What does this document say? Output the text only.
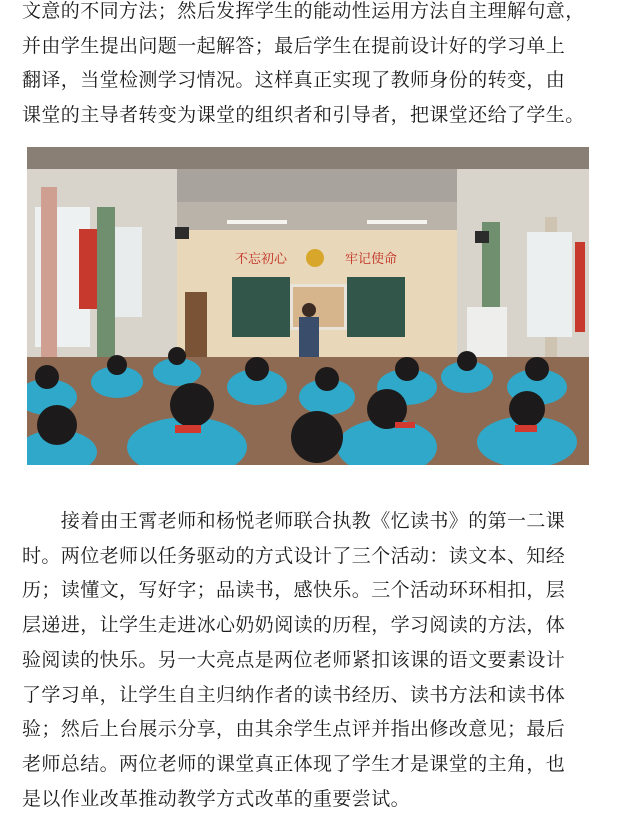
文意的不同方法；然后发挥学生的能动性运用方法自主理解句意，
并由学生提出问题一起解答；最后学生在提前设计好的学习单上
翻译，当堂检测学习情况。这样真正实现了教师身份的转变，由
课堂的主导者转变为课堂的组织者和引导者，把课堂还给了学生。
不忘初心	牢记使命
　　接着由王霄老师和杨悦老师联合执教《忆读书》的第一二课
时。两位老师以任务驱动的方式设计了三个活动：读文本、知经
历；读懂文，写好字；品读书，感快乐。三个活动环环相扣，层
层递进，让学生走进冰心奶奶阅读的历程，学习阅读的方法，体
验阅读的快乐。另一大亮点是两位老师紧扣该课的语文要素设计
了学习单，让学生自主归纳作者的读书经历、读书方法和读书体
验；然后上台展示分享，由其余学生点评并指出修改意见；最后
老师总结。两位老师的课堂真正体现了学生才是课堂的主角，也
是以作业改革推动教学方式改革的重要尝试。
